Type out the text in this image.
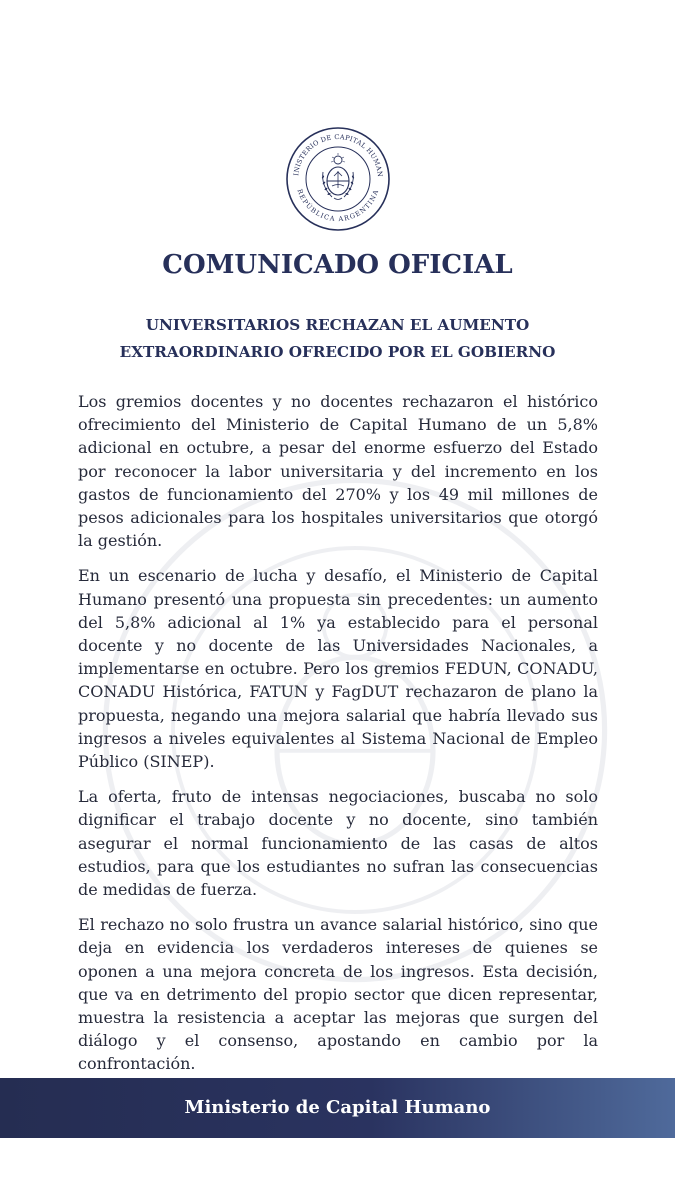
INISTERIO DE CAPITAL HUMAN
REPÚBLICA ARGENTINA
COMUNICADO OFICIAL
UNIVERSITARIOS RECHAZAN EL AUMENTO
EXTRAORDINARIO OFRECIDO POR EL GOBIERNO

Los gremios docentes y no docentes rechazaron el histórico ofrecimiento del Ministerio de Capital Humano de un 5,8% adicional en octubre, a pesar del enorme esfuerzo del Estado por reconocer la labor universitaria y del incremento en los gastos de funcionamiento del 270% y los 49 mil millones de pesos adicionales para los hospitales universitarios que otorgó la gestión.

En un escenario de lucha y desafío, el Ministerio de Capital Humano presentó una propuesta sin precedentes: un aumento del 5,8% adicional al 1% ya establecido para el personal docente y no docente de las Universidades Nacionales, a implementarse en octubre. Pero los gremios FEDUN, CONADU, CONADU Histórica, FATUN y FagDUT rechazaron de plano la propuesta, negando una mejora salarial que habría llevado sus ingresos a niveles equivalentes al Sistema Nacional de Empleo Público (SINEP).

La oferta, fruto de intensas negociaciones, buscaba no solo dignificar el trabajo docente y no docente, sino también asegurar el normal funcionamiento de las casas de altos estudios, para que los estudiantes no sufran las consecuencias de medidas de fuerza.

El rechazo no solo frustra un avance salarial histórico, sino que deja en evidencia los verdaderos intereses de quienes se oponen a una mejora concreta de los ingresos. Esta decisión, que va en detrimento del propio sector que dicen representar, muestra la resistencia a aceptar las mejoras que surgen del diálogo y el consenso, apostando en cambio por la confrontación.

Ministerio de Capital Humano
